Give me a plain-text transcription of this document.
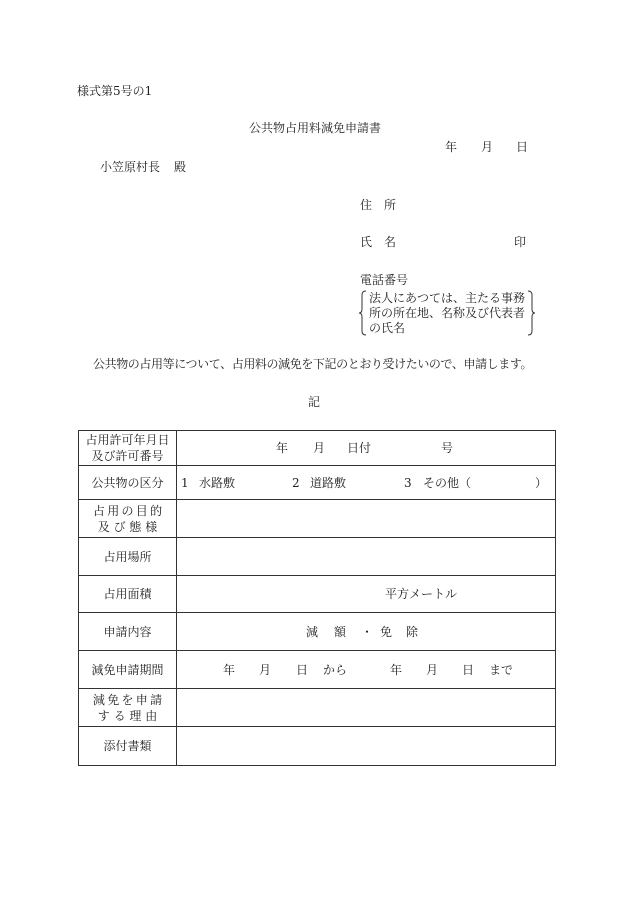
様式第5号の1
公共物占用料減免申請書
年 月 日
小笠原村長 殿
住　所
氏　名	印
電話番号
法人にあつては、主たる事務
所の所在地、名称及び代表者
の氏名
公共物の占用等について、占用料の減免を下記のとおり受けたいので、申請します。
記
占用許可年月日
及び許可番号
年 月 日付	号
公共物の区分 1 水路敷	2 道路敷	3 その他（	）
占用の目的
及び態様
占用場所
占用面積	平方メートル
申請内容	減 額 ・ 免 除
減免申請期間	年 月 日 から	年 月 日 まで
減免を申請
する理由
添付書類
